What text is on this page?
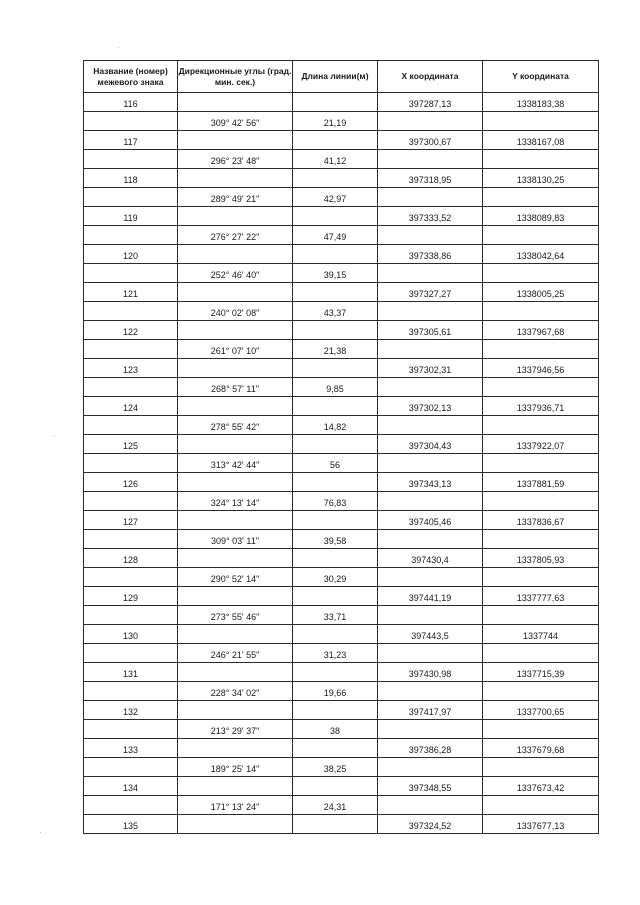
Название (номер) межевого знака	Дирекционные углы (град. мин. сек.)	Длина линии(м)	X координата	Y координата
116			397287,13	1338183,38
	309° 42' 56"	21,19		
117			397300,67	1338167,08
	296° 23' 48"	41,12		
118			397318,95	1338130,25
	289° 49' 21"	42,97		
119			397333,52	1338089,83
	276° 27' 22"	47,49		
120			397338,86	1338042,64
	252° 46' 40"	39,15		
121			397327,27	1338005,25
	240° 02' 08"	43,37		
122			397305,61	1337967,68
	261° 07' 10"	21,38		
123			397302,31	1337946,56
	268° 57' 11"	9,85		
124			397302,13	1337936,71
	278° 55' 42"	14,82		
125			397304,43	1337922,07
	313° 42' 44"	56		
126			397343,13	1337881,59
	324° 13' 14"	76,83		
127			397405,46	1337836,67
	309° 03' 11"	39,58		
128			397430,4	1337805,93
	290° 52' 14"	30,29		
129			397441,19	1337777,63
	273° 55' 46"	33,71		
130			397443,5	1337744
	246° 21' 55"	31,23		
131			397430,98	1337715,39
	228° 34' 02"	19,66		
132			397417,97	1337700,65
	213° 29' 37"	38		
133			397386,28	1337679,68
	189° 25' 14"	38,25		
134			397348,55	1337673,42
	171° 13' 24"	24,31		
135			397324,52	1337677,13
